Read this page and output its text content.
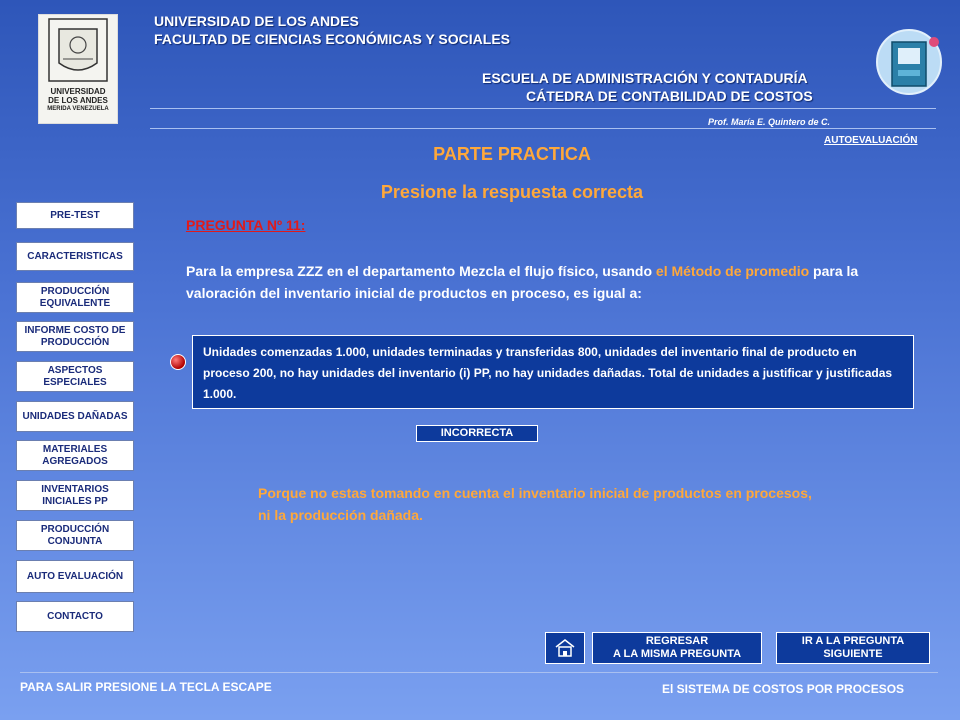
UNIVERSIDAD
DE LOS ANDES
MERIDA VENEZUELA
UNIVERSIDAD DE LOS ANDES
FACULTAD DE CIENCIAS ECONÓMICAS Y SOCIALES
ESCUELA DE ADMINISTRACIÓN Y CONTADURÍA
CÁTEDRA DE CONTABILIDAD DE COSTOS
Prof. María E. Quintero de C.
AUTOEVALUACIÓN
PARTE PRACTICA
Presione la respuesta correcta
PRE-TEST
CARACTERISTICAS
PRODUCCIÓN EQUIVALENTE
INFORME COSTO DE PRODUCCIÓN
ASPECTOS ESPECIALES
UNIDADES DAÑADAS
MATERIALES AGREGADOS
INVENTARIOS INICIALES PP
PRODUCCIÓN CONJUNTA
AUTO EVALUACIÓN
CONTACTO
PREGUNTA Nº 11:
Para la empresa ZZZ en el departamento Mezcla el flujo físico, usando el Método de promedio para la valoración del inventario inicial de productos en proceso, es igual a:
Unidades comenzadas 1.000, unidades terminadas y transferidas 800, unidades del inventario final de producto en proceso 200, no hay unidades del inventario (i) PP, no hay unidades dañadas. Total de unidades a justificar y justificadas 1.000.
INCORRECTA
Porque no estas tomando en cuenta el inventario inicial de productos en procesos, ni la producción dañada.
REGRESAR
A LA MISMA PREGUNTA
IR A LA PREGUNTA
SIGUIENTE
PARA SALIR PRESIONE LA TECLA ESCAPE	El SISTEMA DE COSTOS POR PROCESOS
